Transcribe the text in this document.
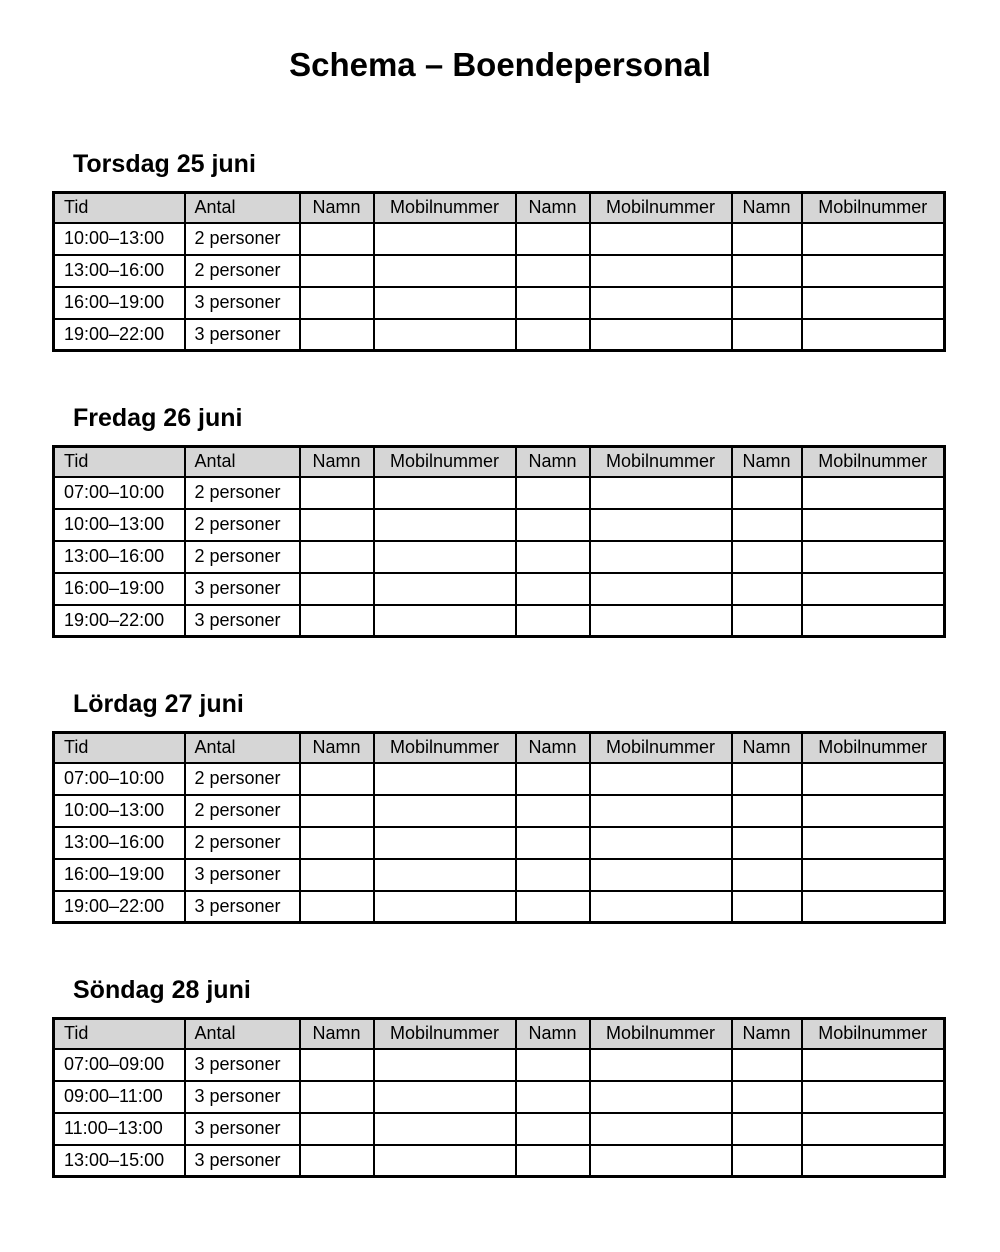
Schema – Boendepersonal
Torsdag 25 juni
Tid	Antal	Namn	Mobilnummer	Namn	Mobilnummer	Namn	Mobilnummer
10:00–13:00	2 personer						
13:00–16:00	2 personer						
16:00–19:00	3 personer						
19:00–22:00	3 personer						
Fredag 26 juni
Tid	Antal	Namn	Mobilnummer	Namn	Mobilnummer	Namn	Mobilnummer
07:00–10:00	2 personer						
10:00–13:00	2 personer						
13:00–16:00	2 personer						
16:00–19:00	3 personer						
19:00–22:00	3 personer						
Lördag 27 juni
Tid	Antal	Namn	Mobilnummer	Namn	Mobilnummer	Namn	Mobilnummer
07:00–10:00	2 personer						
10:00–13:00	2 personer						
13:00–16:00	2 personer						
16:00–19:00	3 personer						
19:00–22:00	3 personer						
Söndag 28 juni
Tid	Antal	Namn	Mobilnummer	Namn	Mobilnummer	Namn	Mobilnummer
07:00–09:00	3 personer						
09:00–11:00	3 personer						
11:00–13:00	3 personer						
13:00–15:00	3 personer						
